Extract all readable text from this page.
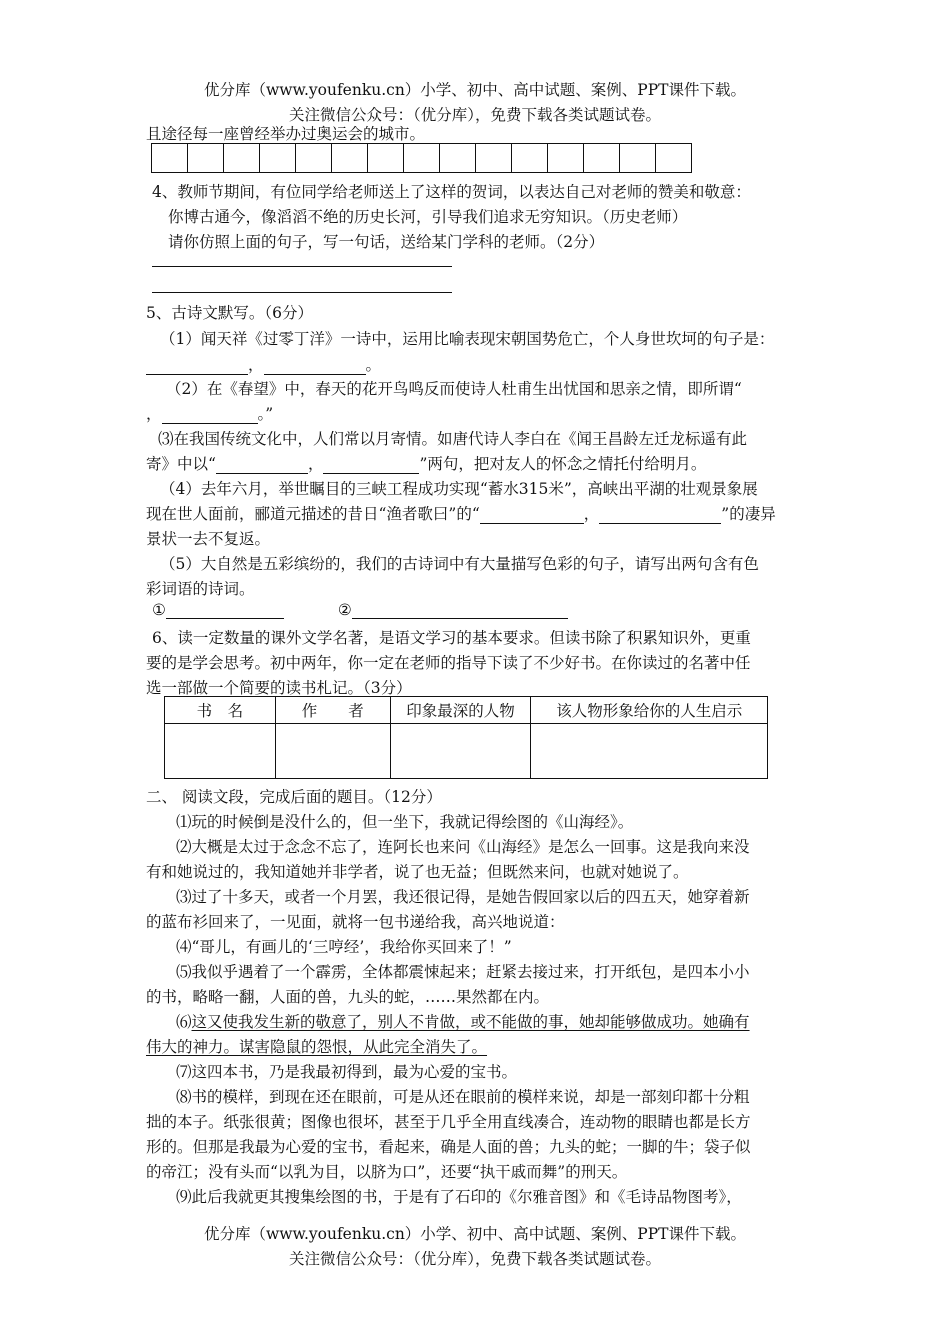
优分库（www.youfenku.cn）小学、初中、高中试题、案例、PPT课件下载。
关注微信公众号：（优分库），免费下载各类试题试卷。
且途径每一座曾经举办过奥运会的城市。
4、教师节期间，有位同学给老师送上了这样的贺词，以表达自己对老师的赞美和敬意：
你博古通今，像滔滔不绝的历史长河，引导我们追求无穷知识。（历史老师）
请你仿照上面的句子，写一句话，送给某门学科的老师。（2分）
5、古诗文默写。（6分）
（1）闻天祥《过零丁洋》一诗中，运用比喻表现宋朝国势危亡，个人身世坎坷的句子是：
，	。
（2）在《春望》中，春天的花开鸟鸣反而使诗人杜甫生出忧国和思亲之情，即所谓“
，	。”
⑶在我国传统文化中，人们常以月寄情。如唐代诗人李白在《闻王昌龄左迁龙标遥有此
寄》中以“	，	”两句，把对友人的怀念之情托付给明月。
（4）去年六月，举世瞩目的三峡工程成功实现“蓄水315米”，高峡出平湖的壮观景象展
现在世人面前，郦道元描述的昔日“渔者歌曰”的“	，	”的凄异
景状一去不复返。
（5）大自然是五彩缤纷的，我们的古诗词中有大量描写色彩的句子，请写出两句含有色
彩词语的诗词。
①	②
6、读一定数量的课外文学名著，是语文学习的基本要求。但读书除了积累知识外，更重
要的是学会思考。初中两年，你一定在老师的指导下读了不少好书。在你读过的名著中任
选一部做一个简要的读书札记。（3分）
书　名	作　　者	印象最深的人物	该人物形象给你的人生启示

二、 阅读文段，完成后面的题目。（12分）
⑴玩的时候倒是没什么的，但一坐下，我就记得绘图的《山海经》。
⑵大概是太过于念念不忘了，连阿长也来问《山海经》是怎么一回事。这是我向来没
有和她说过的，我知道她并非学者，说了也无益；但既然来问，也就对她说了。
⑶过了十多天，或者一个月罢，我还很记得，是她告假回家以后的四五天，她穿着新
的蓝布衫回来了，一见面，就将一包书递给我，高兴地说道：
⑷“哥儿，有画儿的‘三哼经’，我给你买回来了！”
⑸我似乎遇着了一个霹雳，全体都震悚起来；赶紧去接过来，打开纸包，是四本小小
的书，略略一翻，人面的兽，九头的蛇，……果然都在内。
⑹这又使我发生新的敬意了，别人不肯做，或不能做的事，她却能够做成功。她确有
伟大的神力。谋害隐鼠的怨恨，从此完全消失了。
⑺这四本书，乃是我最初得到，最为心爱的宝书。
⑻书的模样，到现在还在眼前，可是从还在眼前的模样来说，却是一部刻印都十分粗
拙的本子。纸张很黄；图像也很坏，甚至于几乎全用直线凑合，连动物的眼睛也都是长方
形的。但那是我最为心爱的宝书，看起来，确是人面的兽；九头的蛇；一脚的牛；袋子似
的帝江；没有头而“以乳为目，以脐为口”，还要“执干戚而舞”的刑天。
⑼此后我就更其搜集绘图的书，于是有了石印的《尔雅音图》和《毛诗品物图考》，
优分库（www.youfenku.cn）小学、初中、高中试题、案例、PPT课件下载。
关注微信公众号：（优分库），免费下载各类试题试卷。
